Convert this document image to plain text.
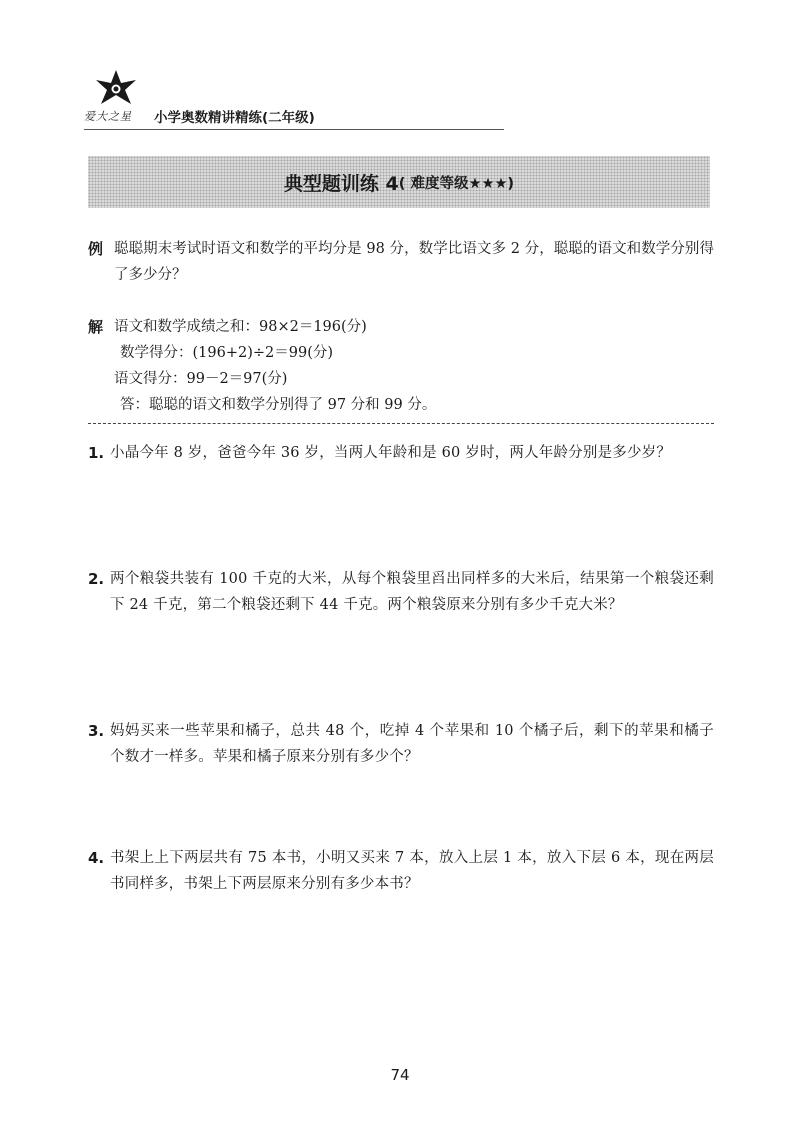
爱大之星 小学奥数精讲精练(二年级)
典型题训练 4 ( 难度等级★★★)
例 聪聪期末考试时语文和数学的平均分是 98 分，数学比语文多 2 分，聪聪的语文和数学分别得了多少分？
解 语文和数学成绩之和：98×2＝196(分)
数学得分：(196+2)÷2＝99(分)
语文得分：99－2＝97(分)
答：聪聪的语文和数学分别得了 97 分和 99 分。
1. 小晶今年 8 岁，爸爸今年 36 岁，当两人年龄和是 60 岁时，两人年龄分别是多少岁？
2. 两个粮袋共装有 100 千克的大米，从每个粮袋里舀出同样多的大米后，结果第一个粮袋还剩下 24 千克，第二个粮袋还剩下 44 千克。两个粮袋原来分别有多少千克大米？
3. 妈妈买来一些苹果和橘子，总共 48 个，吃掉 4 个苹果和 10 个橘子后，剩下的苹果和橘子个数才一样多。苹果和橘子原来分别有多少个？
4. 书架上上下两层共有 75 本书，小明又买来 7 本，放入上层 1 本，放入下层 6 本，现在两层书同样多，书架上下两层原来分别有多少本书？
74
